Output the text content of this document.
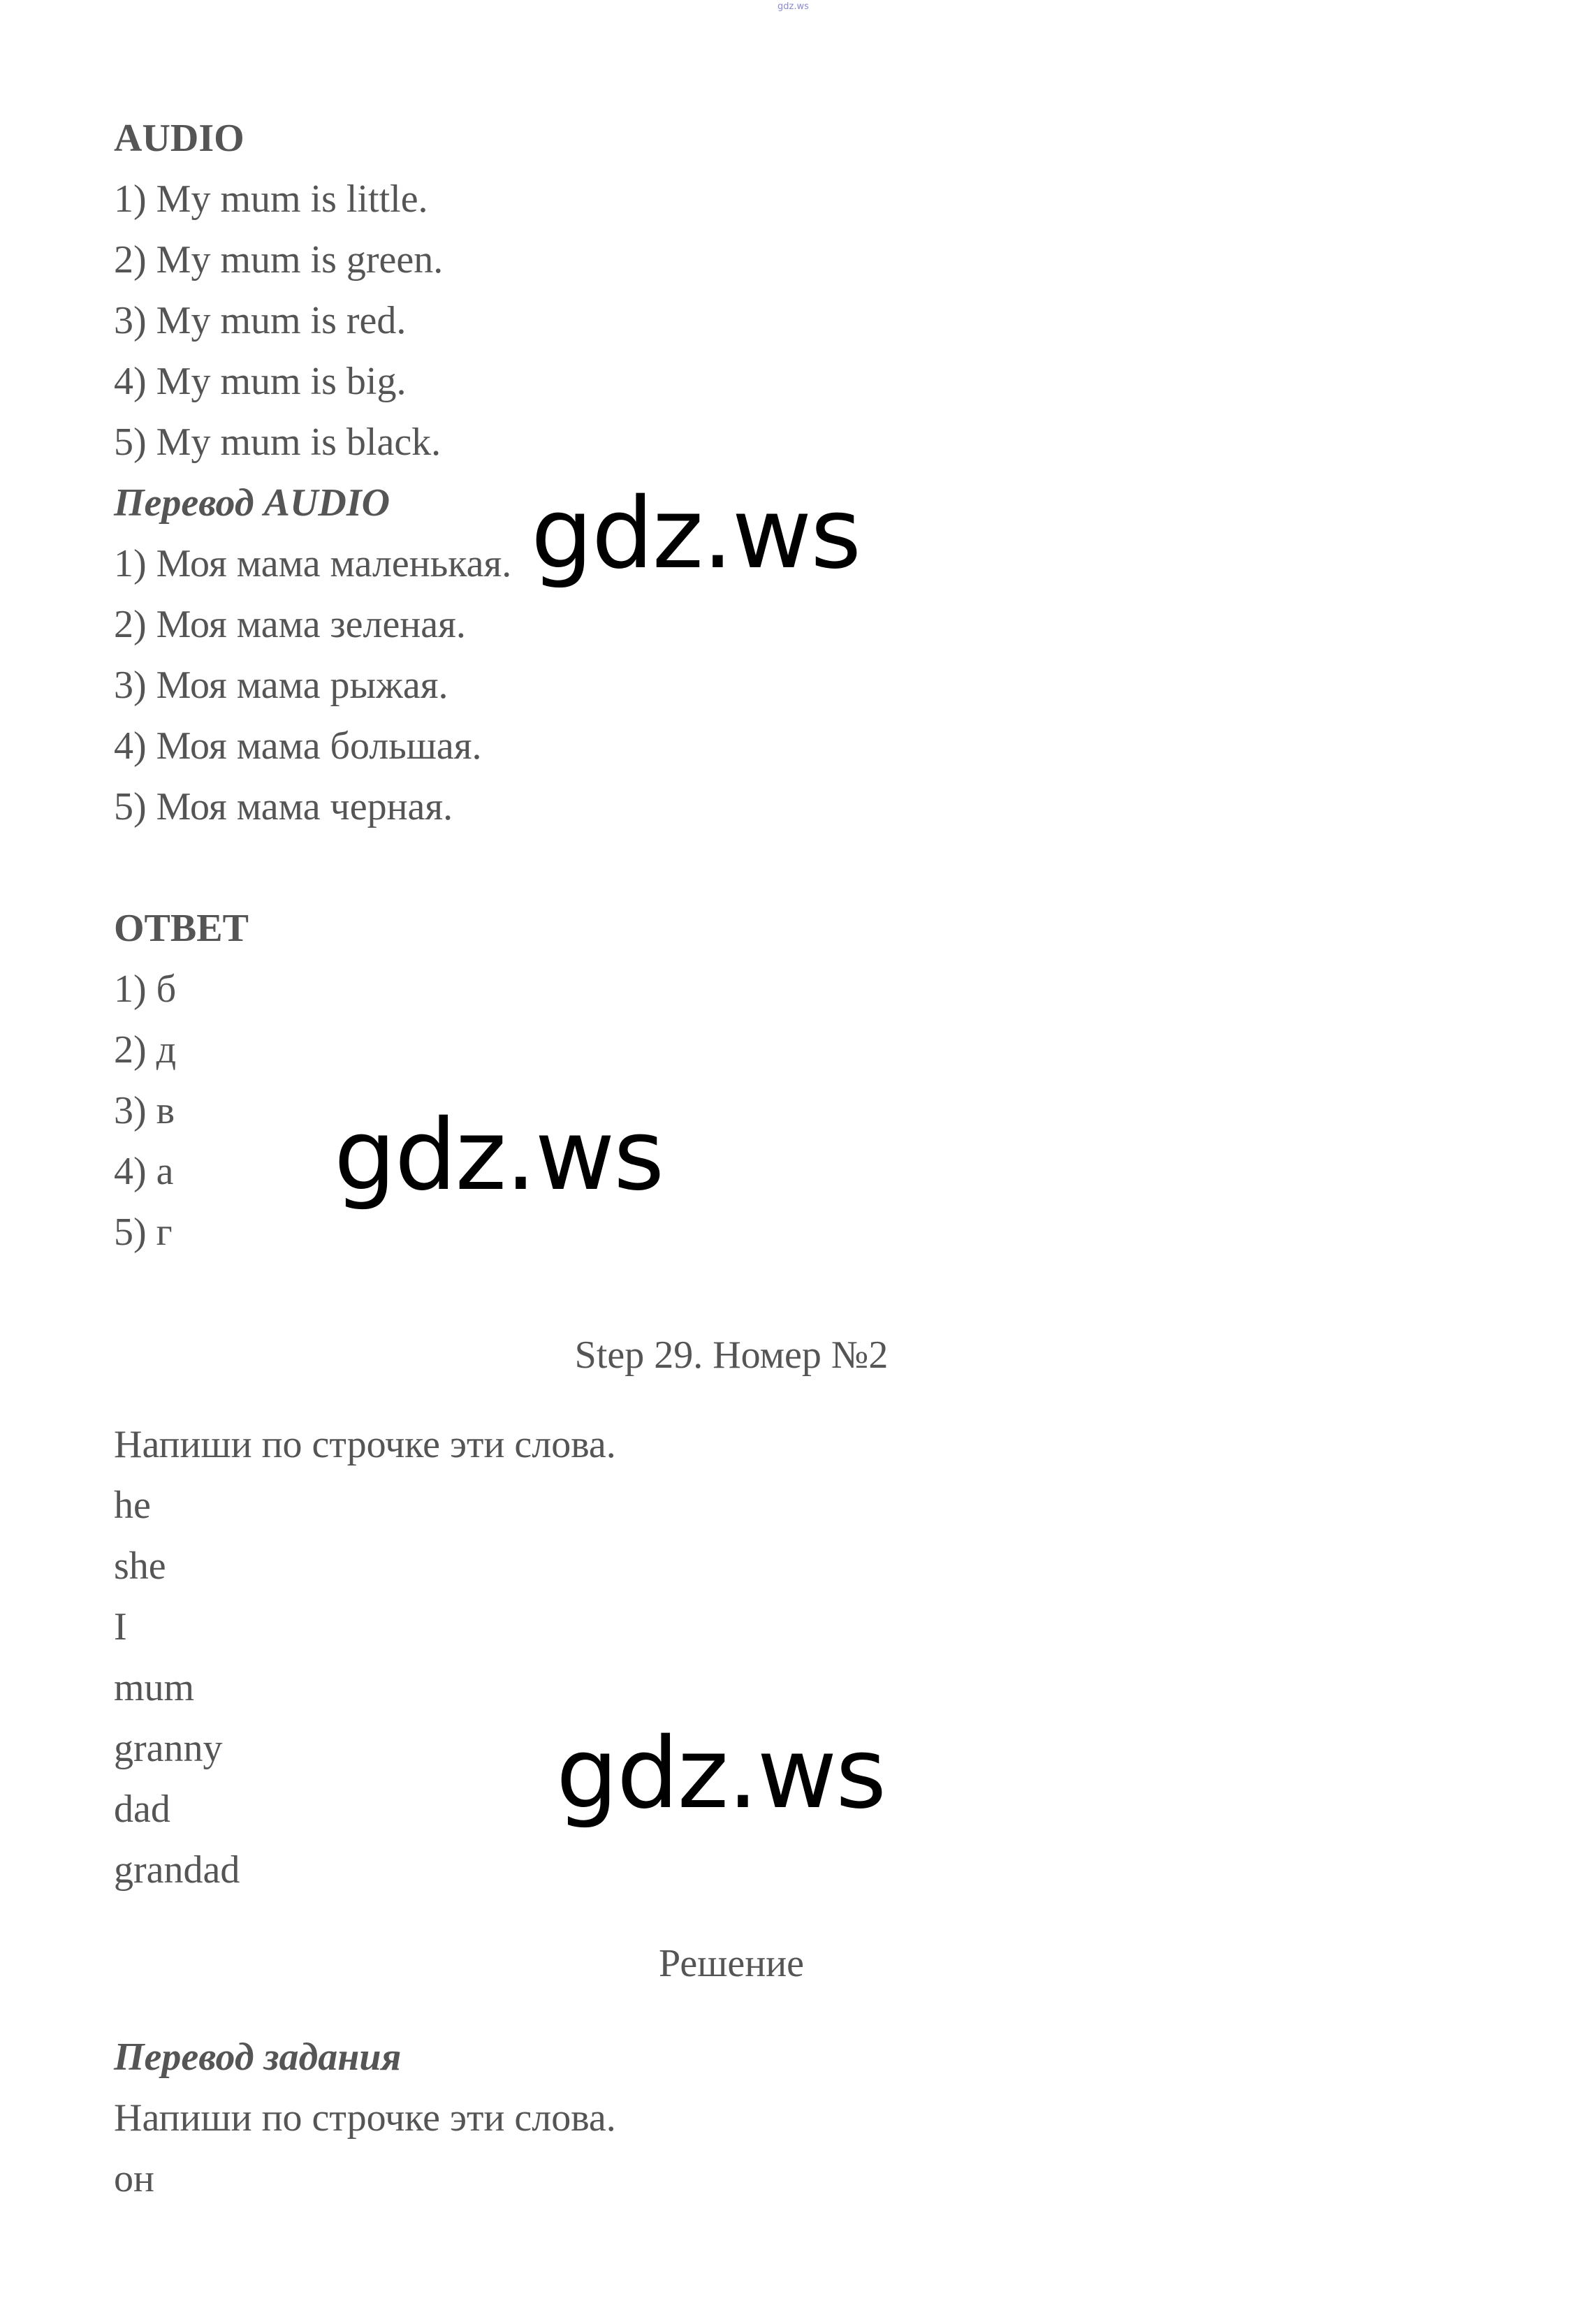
gdz.ws
AUDIO
1) My mum is little.
2) My mum is green.
3) My mum is red.
4) My mum is big.
5) My mum is black.
Перевод AUDIO
1) Моя мама маленькая.
2) Моя мама зеленая.
3) Моя мама рыжая.
4) Моя мама большая.
5) Моя мама черная.
ОТВЕТ
1) б
2) д
3) в
4) а
5) г
Step 29. Номер №2
Напиши по строчке эти слова.
he
she
I
mum
granny
dad
grandad
Решение
Перевод задания
Напиши по строчке эти слова.
он
gdz.ws
gdz.ws
gdz.ws
